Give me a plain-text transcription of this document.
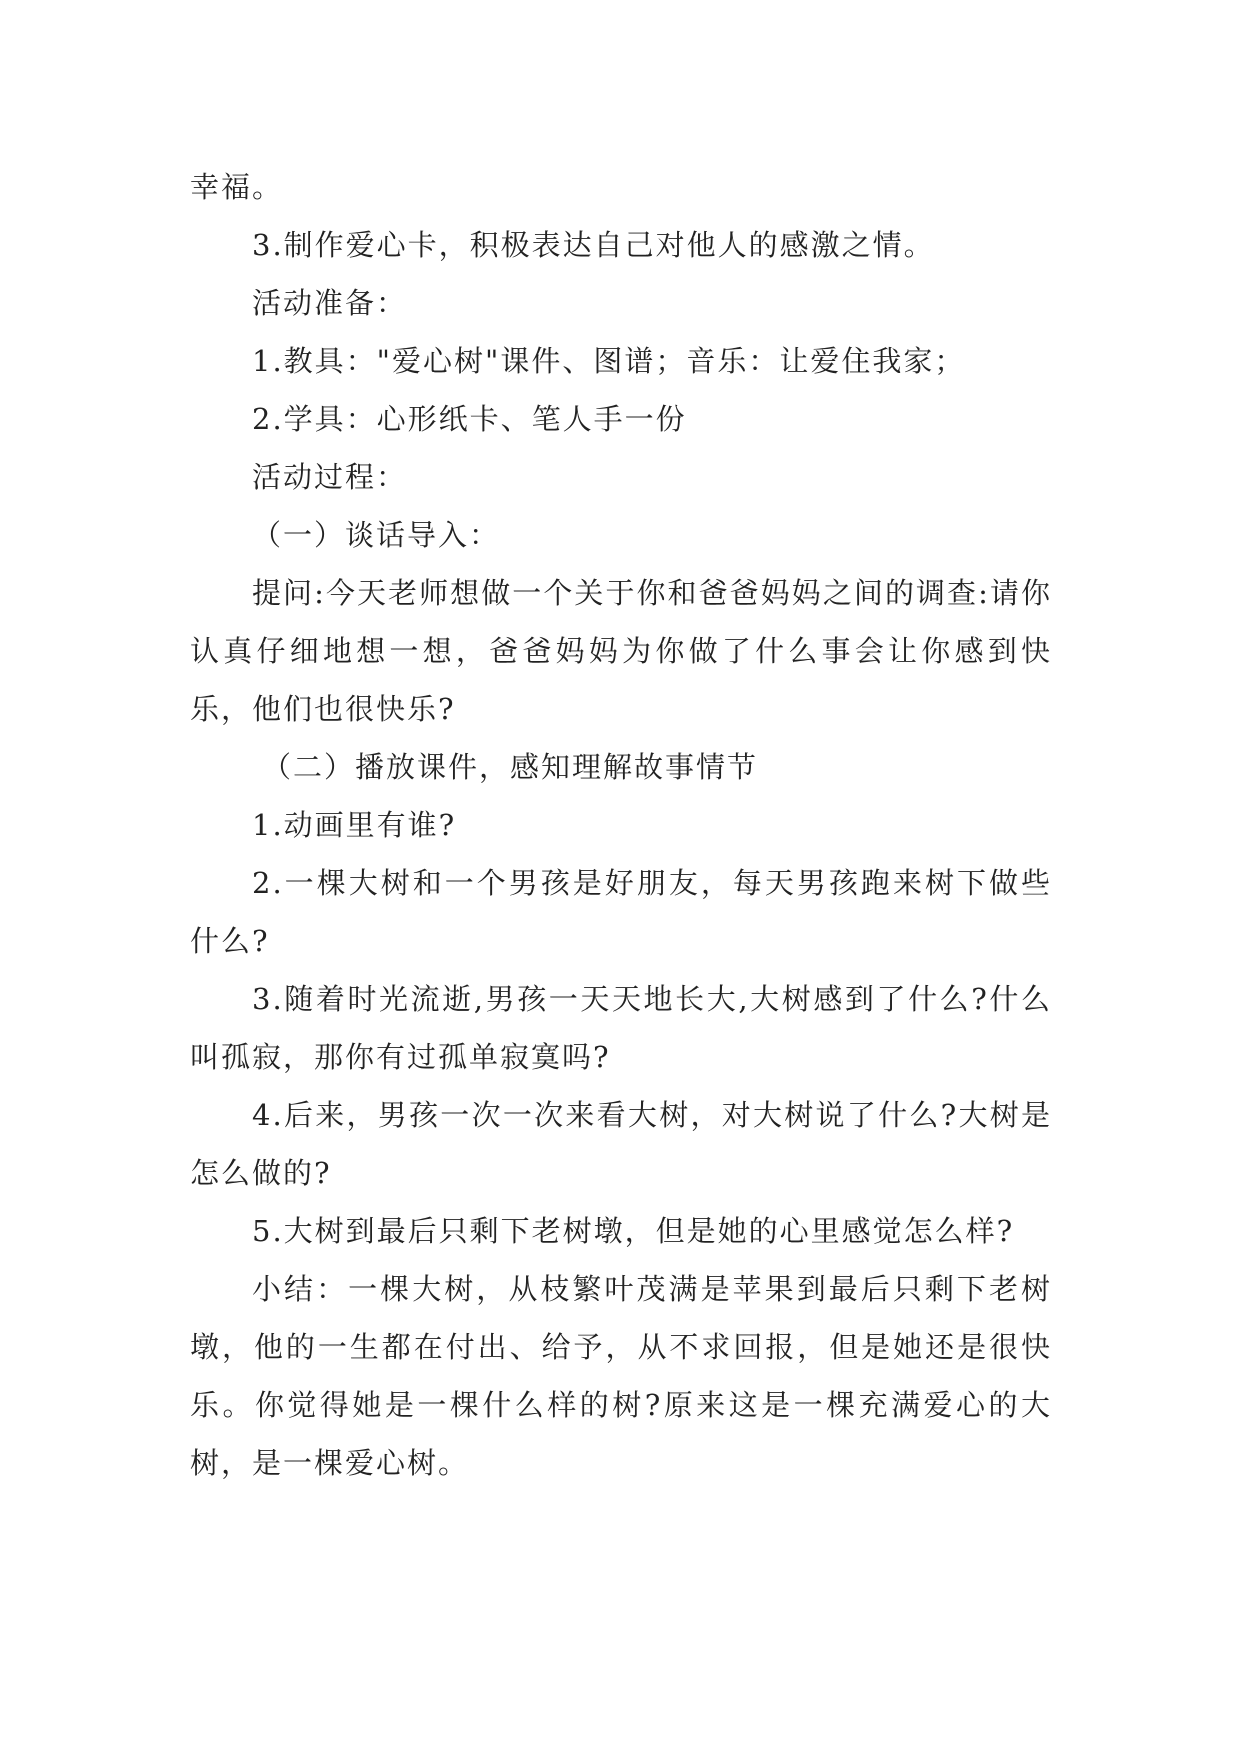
幸福。

3.制作爱心卡，积极表达自己对他人的感激之情。

活动准备：

1.教具："爱心树"课件、图谱；音乐：让爱住我家；

2.学具：心形纸卡、笔人手一份

活动过程：

（一）谈话导入：

提问:今天老师想做一个关于你和爸爸妈妈之间的调查:请你认真仔细地想一想，爸爸妈妈为你做了什么事会让你感到快乐，他们也很快乐?

（二）播放课件，感知理解故事情节

1.动画里有谁?

2.一棵大树和一个男孩是好朋友，每天男孩跑来树下做些什么?

3.随着时光流逝,男孩一天天地长大,大树感到了什么?什么叫孤寂，那你有过孤单寂寞吗?

4.后来，男孩一次一次来看大树，对大树说了什么?大树是怎么做的?

5.大树到最后只剩下老树墩，但是她的心里感觉怎么样?

小结：一棵大树，从枝繁叶茂满是苹果到最后只剩下老树墩，他的一生都在付出、给予，从不求回报，但是她还是很快乐。你觉得她是一棵什么样的树?原来这是一棵充满爱心的大树，是一棵爱心树。
